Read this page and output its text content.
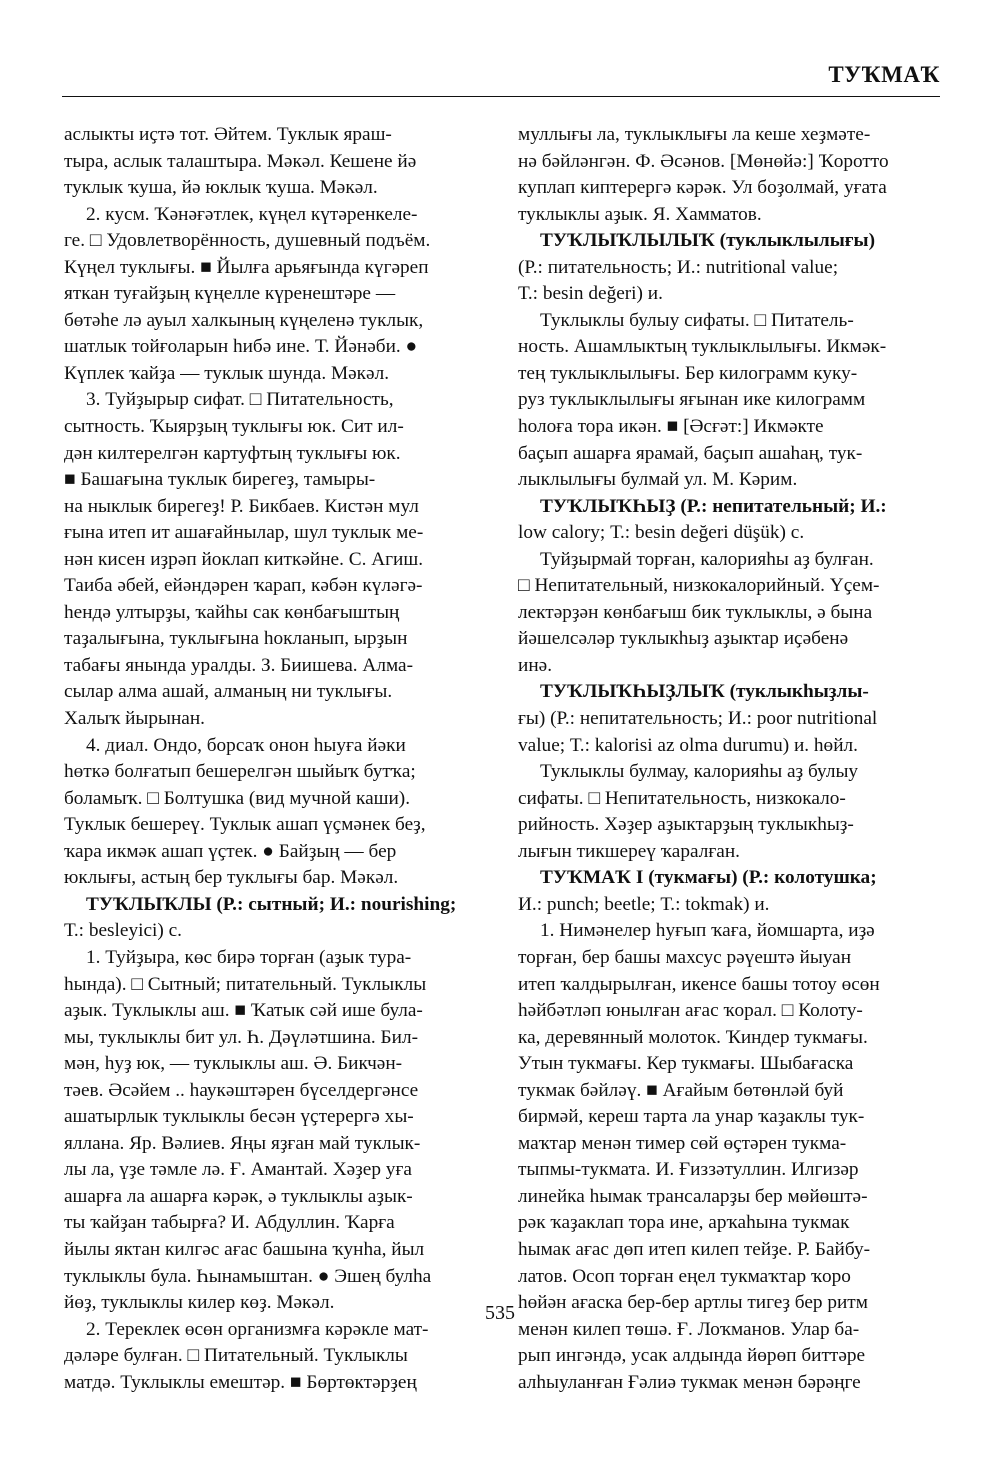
ТУҠМАҠ
аслыкты иҫтә тот. Әйтем. Туклык яраш-
тыра, аслык талаштыра. Мәкәл. Кешене йә
туклык ҡуша, йә юклык ҡуша. Мәкәл.
2. кусм. Ҡәнәғәтлек, күңел күтәренкеле-
ге. □ Удовлетворённость, душевный подъём.
Күңел туклығы. ■ Йылға арьяғында күгәреп
яткан туғайҙың күңелле күренештәре —
бөтәһе лә ауыл халкының күңеленә туклык,
шатлык тойғоларын һибә ине. Т. Йәнәби. ●
Күплек ҡайҙа — туклык шунда. Мәкәл.
3. Туйҙырыр сифат. □ Питательность,
сытность. Ҡыярҙың туклығы юк. Сит ил-
дән килтерелгән картуфтың туклығы юк.
■ Башағына туклык бирегеҙ, тамыры-
на ныклык бирегеҙ! Р. Бикбаев. Кистән мул
ғына итеп ит ашағайнылар, шул туклык ме-
нән кисен иҙрәп йоклап киткәйне. С. Агиш.
Таиба әбей, ейәндәрен ҡарап, кәбән күләгә-
һендә ултырҙы, ҡайһы сак көнбағыштың
таҙалығына, туклығына һокланып, ырҙын
табағы янында уралды. З. Биишева. Алма-
сылар алма ашай, алманың ни туклығы.
Халыҡ йырынан.
4. диал. Ондо, борсаҡ онон һыуға йәки
һөткә болғатып бешерелгән шыйыҡ бутҡа;
боламыҡ. □ Болтушка (вид мучной каши).
Туклык бешереү. Туклык ашап үҫмәнек беҙ,
ҡара икмәк ашап үҫтек. ● Байҙың — бер
юклығы, астың бер туклығы бар. Мәкәл.
ТУҠЛЫҠЛЫ (Р.: сытный; И.: nourishing;
Т.: besleyici) с.
1. Туйҙыра, көс бирә торған (аҙык тура-
һында). □ Сытный; питательный. Туклыклы
аҙык. Туклыклы аш. ■ Ҡатык сәй ише була-
мы, туклыклы бит ул. Һ. Дәүләтшина. Бил-
мән, һуҙ юк, — туклыклы аш. Ә. Бикчән-
тәев. Әсәйем .. һаукәштәрен бүселдергәнсе
ашатырлык туклыклы бесән үҫтерергә хы-
яллана. Яр. Вәлиев. Яңы яҙған май туклык-
лы ла, үҙе тәмле лә. Ғ. Амантай. Хәҙер уға
ашарға ла ашарға кәрәк, ә туклыклы аҙык-
ты ҡайҙан табырға? И. Абдуллин. Ҡарға
йылы яктан килгәс ағас башына ҡунһа, йыл
туклыклы була. Һынамыштан. ● Эшең булһа
йөҙ, туклыклы килер көҙ. Мәкәл.
2. Тереклек өсөн организмға кәрәкле мат-
дәләре булған. □ Питательный. Туклыклы
матдә. Туклыклы емештәр. ■ Бөртөктәрҙең
муллығы ла, туклыклығы ла кеше хеҙмәте-
нә бәйләнгән. Ф. Әсәнов. [Мөнөйә:] Ҡоротто
куплап киптерергә кәрәк. Ул боҙолмай, уғата
туклыклы аҙык. Я. Хамматов.
ТУҠЛЫҠЛЫЛЫҠ (туклыклылығы)
(Р.: питательность; И.: nutritional value;
Т.: besin değeri) и.
Туклыклы булыу сифаты. □ Питатель-
ность. Ашамлыктың туклыклылығы. Икмәк-
тең туклыклылығы. Бер килограмм куку-
руз туклыклылығы яғынан ике килограмм
һолоға тора икән. ■ [Әсғәт:] Икмәкте
баҫып ашарға ярамай, баҫып ашаһаң, тук-
лыклылығы булмай ул. М. Кәрим.
ТУҠЛЫҠҺЫҘ (Р.: непитательный; И.:
low calory; Т.: besin değeri düşük) с.
Туйҙырмай торған, калорияһы аҙ булған.
□ Непитательный, низкокалорийный. Үҫем-
лектәрҙән көнбағыш бик туклыклы, ә бына
йәшелсәләр туклыкһыҙ аҙыктар иҫәбенә
инә.
ТУҠЛЫҠҺЫҘЛЫҠ (туклыкһыҙлы-
ғы) (Р.: непитательность; И.: poor nutritional
value; Т.: kalorisi az olma durumu) и. һөйл.
Туклыклы булмау, калорияһы аҙ булыу
сифаты. □ Непитательность, низкокало-
рийность. Хәҙер аҙыктарҙың туклыкһыҙ-
лығын тикшереү ҡаралған.
ТУҠМАҠ I (тукмағы) (Р.: колотушка;
И.: punch; beetle; Т.: tokmak) и.
1. Нимәнелер һуғып ҡаға, йомшарта, иҙә
торған, бер башы махсус рәүештә йыуан
итеп ҡалдырылған, икенсе башы тотоу өсөн
һәйбәтләп юнылған ағас ҡорал. □ Колоту-
ка, деревянный молоток. Ҡиндер тукмағы.
Утын тукмағы. Кер тукмағы. Шыбағаска
тукмак бәйләү. ■ Ағайым бөтөнләй буй
бирмәй, кереш тарта ла унар ҡаҙаклы тук-
маҡтар менән тимер сөй өҫтәрен тукма-
тыпмы-тукмата. И. Ғиззәтуллин. Илгизәр
линейка һымак трансаларҙы бер мөйөштә-
рәк ҡаҙаклап тора ине, арҡаһына тукмак
һымак ағас дөп итеп килеп тейҙе. Р. Байбу-
латов. Осоп торған еңел тукмаҡтар ҡоро
һөйән ағаска бер-бер артлы тигеҙ бер ритм
менән килеп төшә. Ғ. Лоҡманов. Улар ба-
рып ингәндә, усак алдында йөрөп биттәре
алһыуланған Ғәлиә тукмак менән бәрәңге
535
